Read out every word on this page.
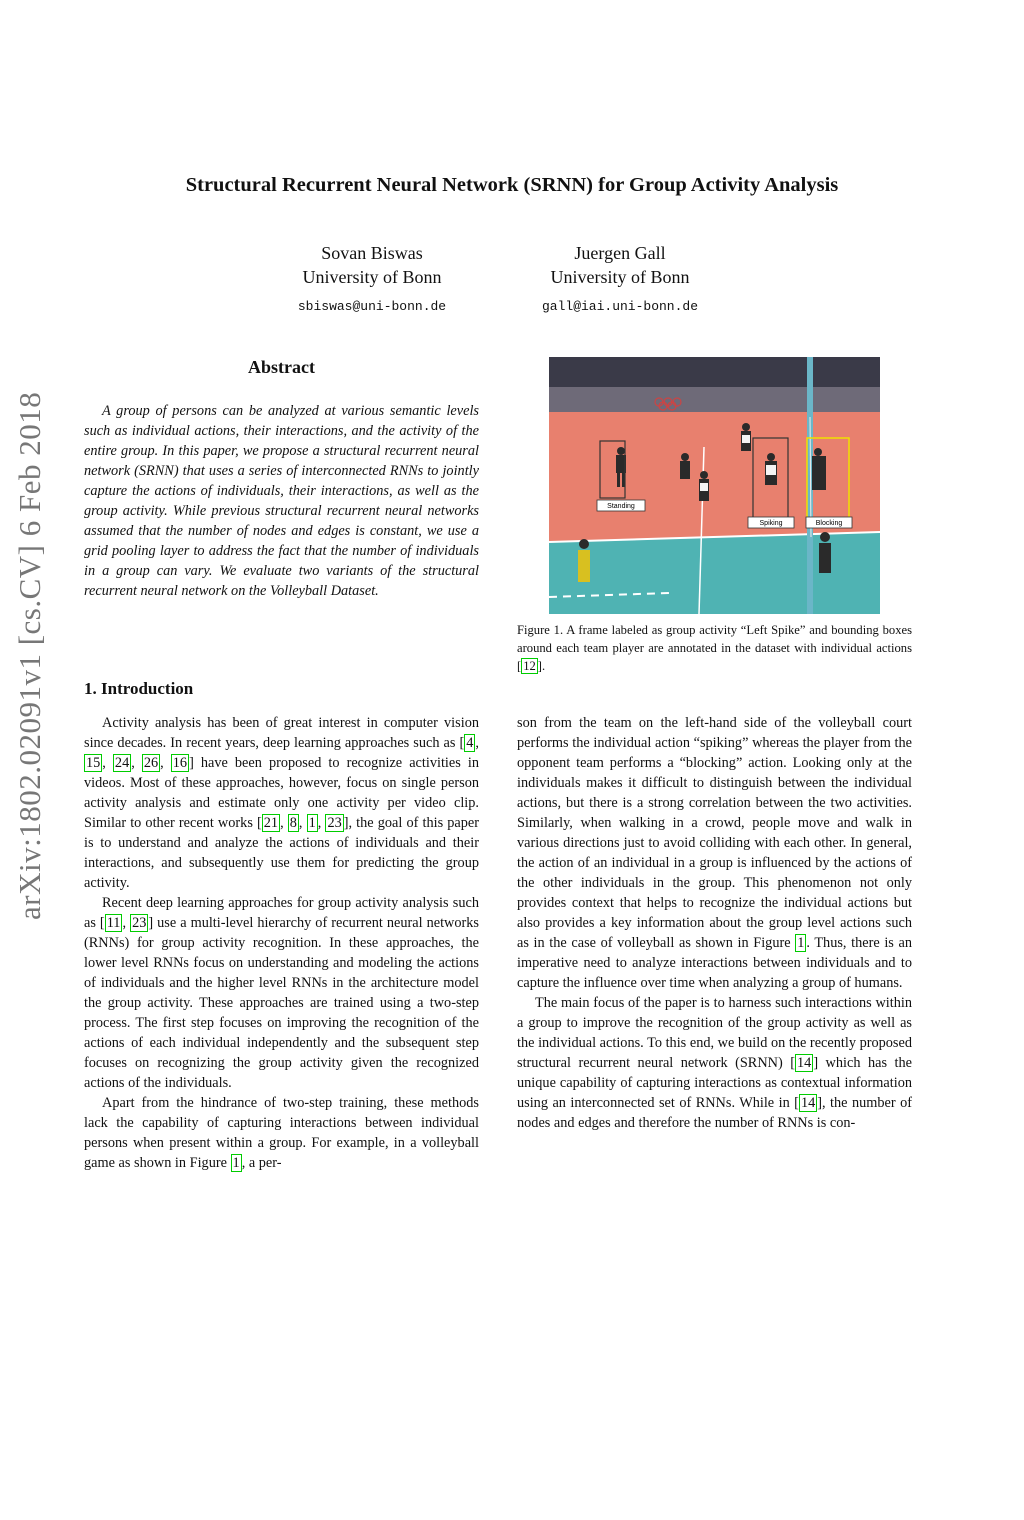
arXiv:1802.02091v1 [cs.CV] 6 Feb 2018
Structural Recurrent Neural Network (SRNN) for Group Activity Analysis
Sovan Biswas
University of Bonn
sbiswas@uni-bonn.de
Juergen Gall
University of Bonn
gall@iai.uni-bonn.de
Abstract

A group of persons can be analyzed at various semantic levels such as individual actions, their interactions, and the activity of the entire group. In this paper, we propose a structural recurrent neural network (SRNN) that uses a series of interconnected RNNs to jointly capture the actions of individuals, their interactions, as well as the group activity. While previous structural recurrent neural networks assumed that the number of nodes and edges is constant, we use a grid pooling layer to address the fact that the number of individuals in a group can vary. We evaluate two variants of the structural recurrent neural network on the Volleyball Dataset.

1. Introduction

Activity analysis has been of great interest in computer vision since decades. In recent years, deep learning approaches such as [ 4 , 15 , 24 , 26 , 16 ] have been proposed to recognize activities in videos. Most of these approaches, however, focus on single person activity analysis and estimate only one activity per video clip. Similar to other recent works [ 21 , 8 , 1 , 23 ], the goal of this paper is to understand and analyze the actions of individuals and their interactions, and subsequently use them for predicting the group activity.

Recent deep learning approaches for group activity analysis such as [ 11 , 23 ] use a multi-level hierarchy of recurrent neural networks (RNNs) for group activity recognition. In these approaches, the lower level RNNs focus on understanding and modeling the actions of individuals and the higher level RNNs in the architecture model the group activity. These approaches are trained using a two-step process. The first step focuses on improving the recognition of the actions of each individual independently and the subsequent step focuses on recognizing the group activity given the recognized actions of the individuals.

Apart from the hindrance of two-step training, these methods lack the capability of capturing interactions between individual persons when present within a group. For example, in a volleyball game as shown in Figure 1 , a per-

Standing
Spiking	Blocking
Figure 1. A frame labeled as group activity “Left Spike” and bounding boxes around each team player are annotated in the dataset with individual actions [ 12 ].

son from the team on the left-hand side of the volleyball court performs the individual action “spiking” whereas the player from the opponent team performs a “blocking” action. Looking only at the individuals makes it difficult to distinguish between the individual actions, but there is a strong correlation between the two activities. Similarly, when walking in a crowd, people move and walk in various directions just to avoid colliding with each other. In general, the action of an individual in a group is influenced by the actions of the other individuals in the group. This phenomenon not only provides context that helps to recognize the individual actions but also provides a key information about the group level actions such as in the case of volleyball as shown in Figure 1 . Thus, there is an imperative need to analyze interactions between individuals and to capture the influence over time when analyzing a group of humans.

The main focus of the paper is to harness such interactions within a group to improve the recognition of the group activity as well as the individual actions. To this end, we build on the recently proposed structural recurrent neural network (SRNN) [ 14 ] which has the unique capability of capturing interactions as contextual information using an interconnected set of RNNs. While in [ 14 ], the number of nodes and edges and therefore the number of RNNs is con-
